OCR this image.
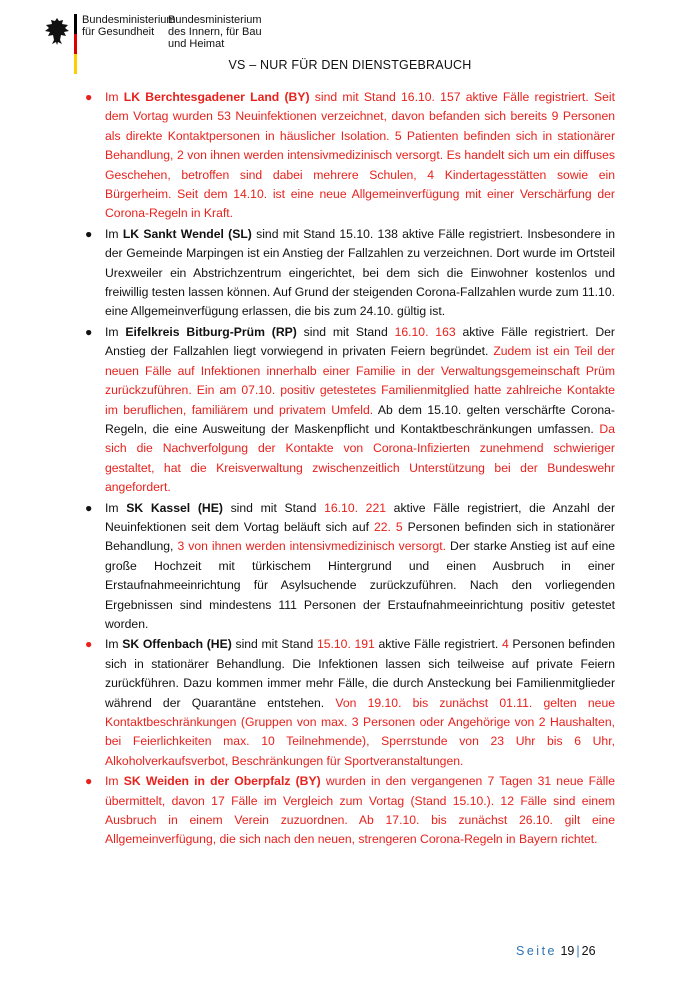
Bundesministerium für Gesundheit
Bundesministerium des Innern, für Bau und Heimat
VS – NUR FÜR DEN DIENSTGEBRAUCH
● Im LK Berchtesgadener Land (BY) sind mit Stand 16.10. 157 aktive Fälle registriert. Seit dem Vortag wurden 53 Neuinfektionen verzeichnet, davon befanden sich bereits 9 Personen als direkte Kontaktpersonen in häuslicher Isolation. 5 Patienten befinden sich in stationärer Behandlung, 2 von ihnen werden intensivmedizinisch versorgt. Es handelt sich um ein diffuses Geschehen, betroffen sind dabei mehrere Schulen, 4 Kindertagesstätten sowie ein Bürgerheim. Seit dem 14.10. ist eine neue Allgemeinverfügung mit einer Verschärfung der Corona-Regeln in Kraft.
● Im LK Sankt Wendel (SL) sind mit Stand 15.10. 138 aktive Fälle registriert. Insbesondere in der Gemeinde Marpingen ist ein Anstieg der Fallzahlen zu verzeichnen. Dort wurde im Ortsteil Urexweiler ein Abstrichzentrum eingerichtet, bei dem sich die Einwohner kostenlos und freiwillig testen lassen können. Auf Grund der steigenden Corona-Fallzahlen wurde zum 11.10. eine Allgemeinverfügung erlassen, die bis zum 24.10. gültig ist.
● Im Eifelkreis Bitburg-Prüm (RP) sind mit Stand 16.10. 163 aktive Fälle registriert. Der Anstieg der Fallzahlen liegt vorwiegend in privaten Feiern begründet. Zudem ist ein Teil der neuen Fälle auf Infektionen innerhalb einer Familie in der Verwaltungsgemeinschaft Prüm zurückzuführen. Ein am 07.10. positiv getestetes Familienmitglied hatte zahlreiche Kontakte im beruflichen, familiärem und privatem Umfeld. Ab dem 15.10. gelten verschärfte Corona-Regeln, die eine Ausweitung der Maskenpflicht und Kontaktbeschränkungen umfassen. Da sich die Nachverfolgung der Kontakte von Corona-Infizierten zunehmend schwieriger gestaltet, hat die Kreisverwaltung zwischenzeitlich Unterstützung bei der Bundeswehr angefordert.
● Im SK Kassel (HE) sind mit Stand 16.10. 221 aktive Fälle registriert, die Anzahl der Neuinfektionen seit dem Vortag beläuft sich auf 22. 5 Personen befinden sich in stationärer Behandlung, 3 von ihnen werden intensivmedizinisch versorgt. Der starke Anstieg ist auf eine große Hochzeit mit türkischem Hintergrund und einen Ausbruch in einer Erstaufnahmeeinrichtung für Asylsuchende zurückzuführen. Nach den vorliegenden Ergebnissen sind mindestens 111 Personen der Erstaufnahmeeinrichtung positiv getestet worden.
● Im SK Offenbach (HE) sind mit Stand 15.10. 191 aktive Fälle registriert. 4 Personen befinden sich in stationärer Behandlung. Die Infektionen lassen sich teilweise auf private Feiern zurückführen. Dazu kommen immer mehr Fälle, die durch Ansteckung bei Familienmitglieder während der Quarantäne entstehen. Von 19.10. bis zunächst 01.11. gelten neue Kontaktbeschränkungen (Gruppen von max. 3 Personen oder Angehörige von 2 Haushalten, bei Feierlichkeiten max. 10 Teilnehmende), Sperrstunde von 23 Uhr bis 6 Uhr, Alkoholverkaufsverbot, Beschränkungen für Sportveranstaltungen.
● Im SK Weiden in der Oberpfalz (BY) wurden in den vergangenen 7 Tagen 31 neue Fälle übermittelt, davon 17 Fälle im Vergleich zum Vortag (Stand 15.10.). 12 Fälle sind einem Ausbruch in einem Verein zuzuordnen. Ab 17.10. bis zunächst 26.10. gilt eine Allgemeinverfügung, die sich nach den neuen, strengeren Corona-Regeln in Bayern richtet.
Seite 19 | 26
